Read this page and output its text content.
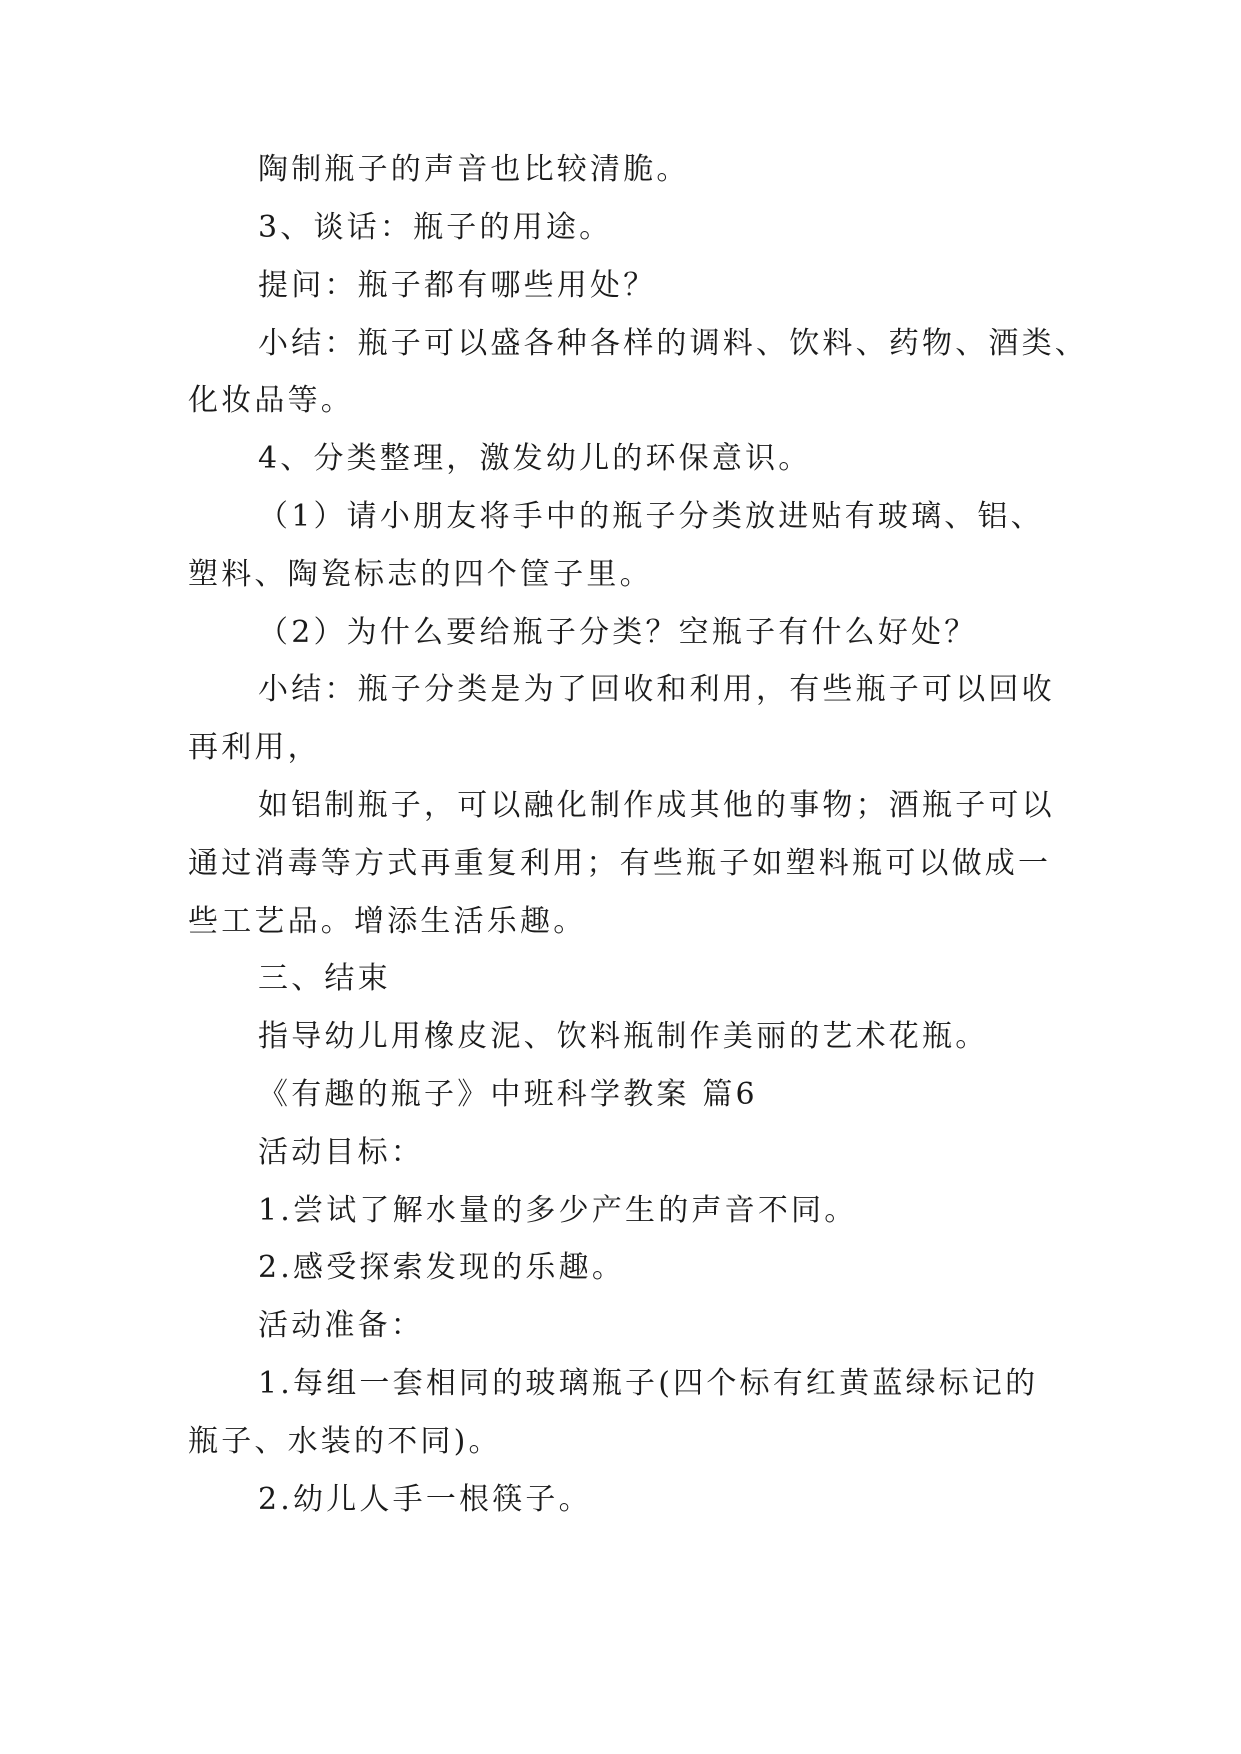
陶制瓶子的声音也比较清脆。
3、谈话：瓶子的用途。
提问：瓶子都有哪些用处？
小结：瓶子可以盛各种各样的调料、饮料、药物、酒类、
化妆品等。
4、分类整理，激发幼儿的环保意识。
（1）请小朋友将手中的瓶子分类放进贴有玻璃、铝、
塑料、陶瓷标志的四个筐子里。
（2）为什么要给瓶子分类？空瓶子有什么好处？
小结：瓶子分类是为了回收和利用，有些瓶子可以回收
再利用，
如铝制瓶子，可以融化制作成其他的事物；酒瓶子可以
通过消毒等方式再重复利用；有些瓶子如塑料瓶可以做成一
些工艺品。增添生活乐趣。
三、结束
指导幼儿用橡皮泥、饮料瓶制作美丽的艺术花瓶。
《有趣的瓶子》中班科学教案 篇6
活动目标：
1.尝试了解水量的多少产生的声音不同。
2.感受探索发现的乐趣。
活动准备：
1.每组一套相同的玻璃瓶子(四个标有红黄蓝绿标记的
瓶子、水装的不同)。
2.幼儿人手一根筷子。
